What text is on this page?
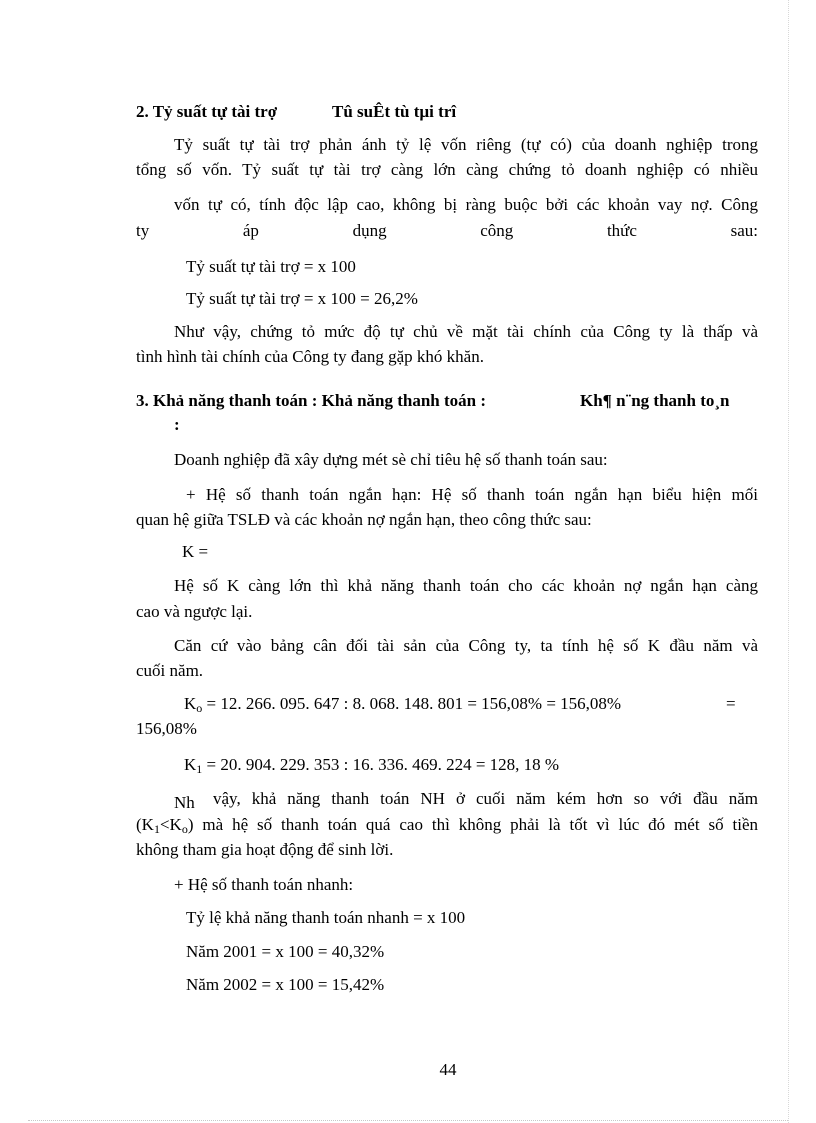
2. Tỷ suất tự tài trợ	Tû suÊt tù tµi trî
Tỷ suất tự tài trợ phản ánh tỷ lệ vốn riêng (tự có) của doanh nghiệp trong
tổng số vốn. Tỷ suất tự tài trợ càng lớn càng chứng tỏ doanh nghiệp có nhiều
vốn tự có, tính độc lập cao, không bị ràng buộc bởi các khoản vay nợ. Công
ty	áp	dụng	công	thức	sau:
Tỷ suất tự tài trợ = x 100
Tỷ suất tự tài trợ = x 100 = 26,2%
Như vậy, chứng tỏ mức độ tự chủ về mặt tài chính của Công ty là thấp và
tình hình tài chính của Công ty đang gặp khó khăn.
3. Khả năng thanh toán : Khả năng thanh toán :	Kh¶ n¨ng thanh to¸n
:
Doanh nghiệp đã xây dựng mét sè chỉ tiêu hệ số thanh toán sau:
+ Hệ số thanh toán ngắn hạn: Hệ số thanh toán ngắn hạn biểu hiện mối
quan hệ giữa TSLĐ và các khoản nợ ngắn hạn, theo công thức sau:
K =
Hệ số K càng lớn thì khả năng thanh toán cho các khoản nợ ngắn hạn càng
cao và ngược lại.
Căn cứ vào bảng cân đối tài sản của Công ty, ta tính hệ số K đầu năm và
cuối năm.
$K_o = 12$. 266. 095. 647 : 8. 068. 148. 801 = 156,08% = 156,08%	=
156,08%
$K_1 = 20$. 904. 229. 353 : 16. 336. 469. 224 = 128, 18 %
Nh vậy, khả năng thanh toán NH ở cuối năm kém hơn so với đầu năm
$(K_1<K_o)$ mà hệ số thanh toán quá cao thì không phải là tốt vì lúc đó mét số tiền
không tham gia hoạt động để sinh lời.
+ Hệ số thanh toán nhanh:
Tỷ lệ khả năng thanh toán nhanh = x 100
Năm 2001 = x 100 = 40,32%
Năm 2002 = x 100 = 15,42%
44
